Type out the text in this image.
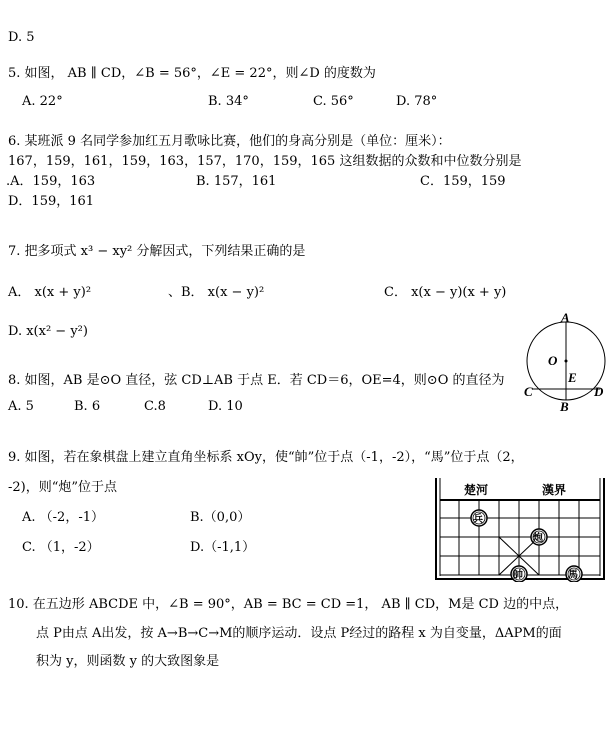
D. 5
5. 如图， AB ∥ CD，∠B = 56°，∠E = 22°，则∠D 的度数为
A. 22°	B. 34°	C. 56°	D. 78°
6. 某班派 9 名同学参加红五月歌咏比赛，他们的身高分别是（单位：厘米）：
167，159，161，159，163，157，170，159，165 这组数据的众数和中位数分别是
.A．159，163	B. 157，161	C．159，159
D．159，161
7. 把多项式 x³ − xy² 分解因式，下列结果正确的是
A． x(x + y)²	、B． x(x − y)²	C． x(x − y)(x + y)
D. x(x² − y²)
8. 如图，AB 是⊙O 直径，弦 CD⊥AB 于点 E．若 CD＝6，OE=4，则⊙O 的直径为
A. 5	B. 6	C.8	D. 10
A
O
E
C	D
B
9. 如图，若在象棋盘上建立直角坐标系 xOy，使“帥”位于点（-1，-2），“馬”位于点（2，
-2)，则“炮”位于点
A. （-2，-1）	B.（0,0）
C. （1，-2）	D.（-1,1）
楚河	漢界
兵
炮
帥	馬
10. 在五边形 ABCDE 中，∠B = 90°，AB = BC = CD =1， AB ∥ CD，M是 CD 边的中点，
点 P由点 A出发，按 A→B→C→M的顺序运动．设点 P经过的路程 x 为自变量，ΔAPM的面
积为 y，则函数 y 的大致图象是
